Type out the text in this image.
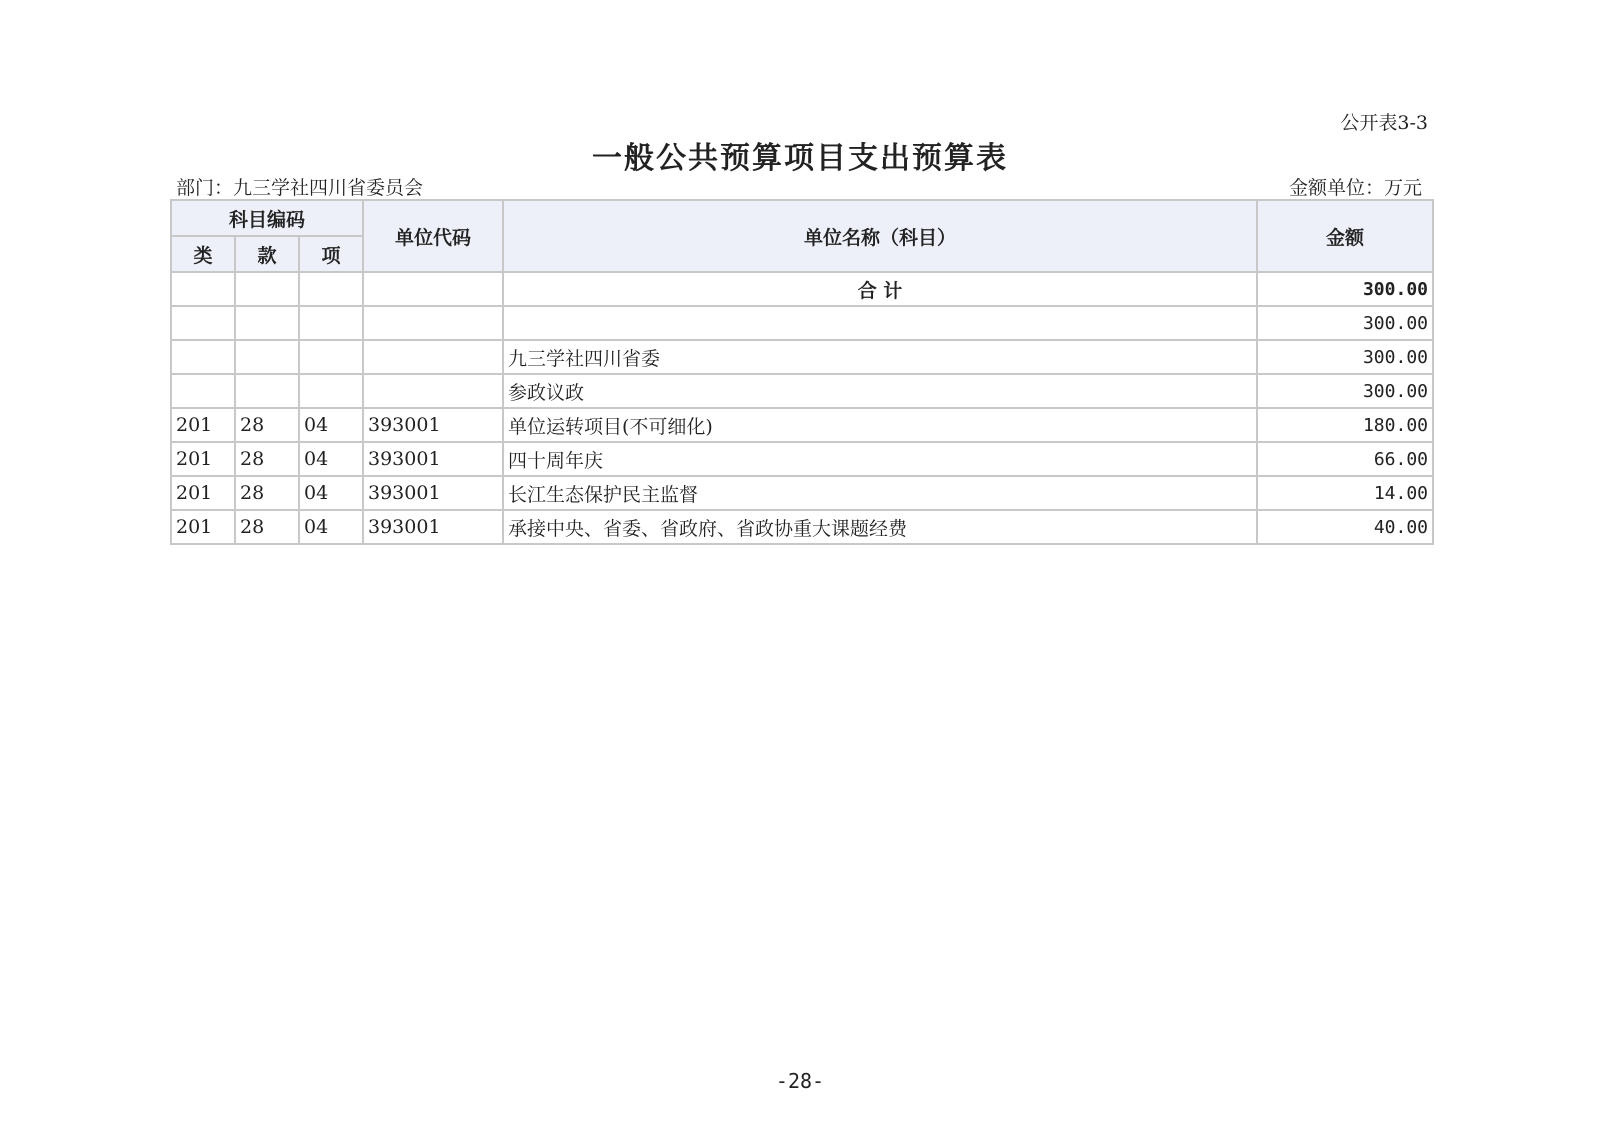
公开表3-3
一般公共预算项目支出预算表
部门：九三学社四川省委员会	金额单位：万元
科目编码			单位代码	单位名称（科目）	金额
类	款	项			
				合 计	300.00
					300.00
				九三学社四川省委	300.00
				参政议政	300.00
201	28	04	393001	单位运转项目(不可细化)	180.00
201	28	04	393001	四十周年庆	66.00
201	28	04	393001	长江生态保护民主监督	14.00
201	28	04	393001	承接中央、省委、省政府、省政协重大课题经费	40.00
-28-
